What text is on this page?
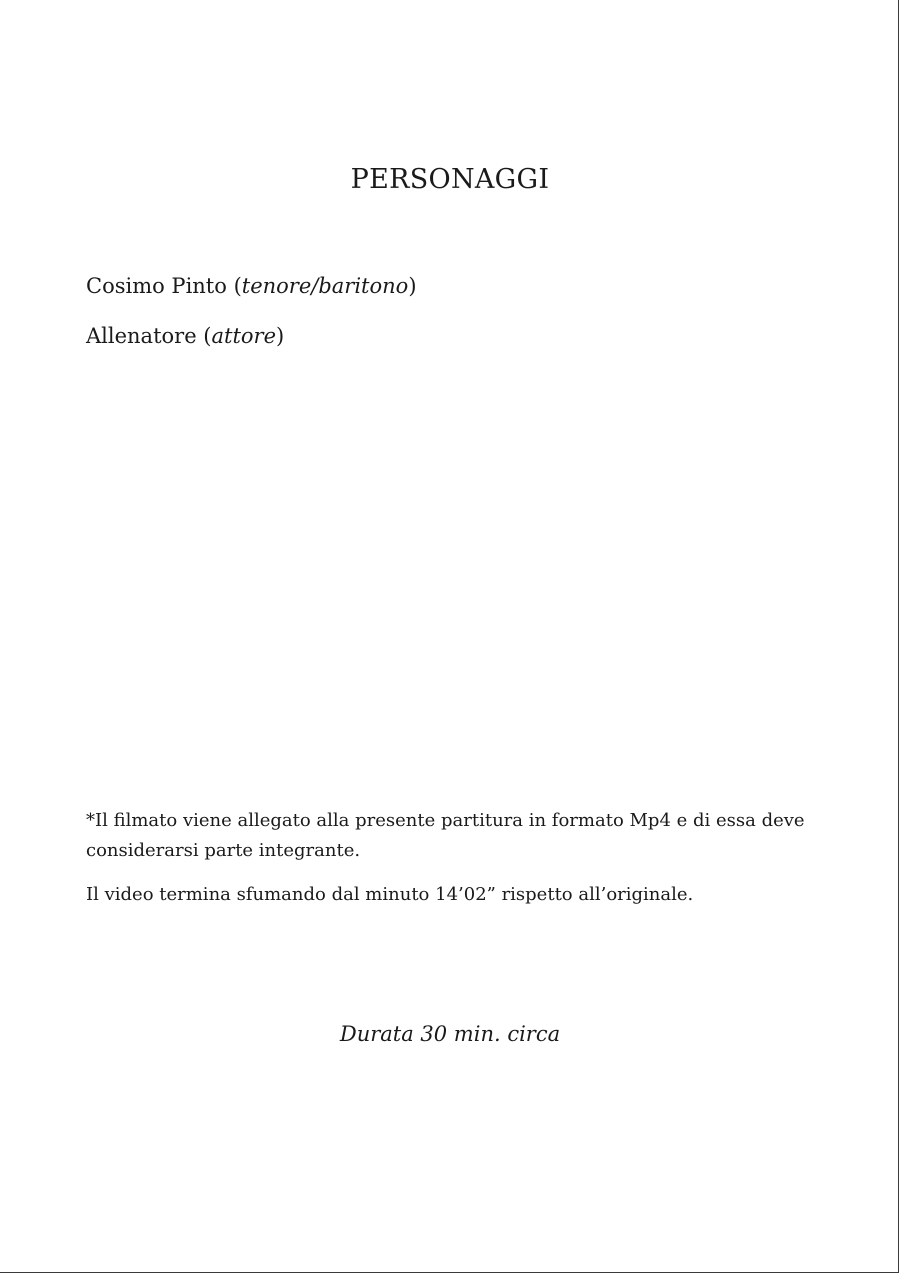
PERSONAGGI

Cosimo Pinto (tenore/baritono)

Allenatore (attore)

*Il filmato viene allegato alla presente partitura in formato Mp4 e di essa deve considerarsi parte integrante.

Il video termina sfumando dal minuto 14’02” rispetto all’originale.

Durata 30 min. circa
